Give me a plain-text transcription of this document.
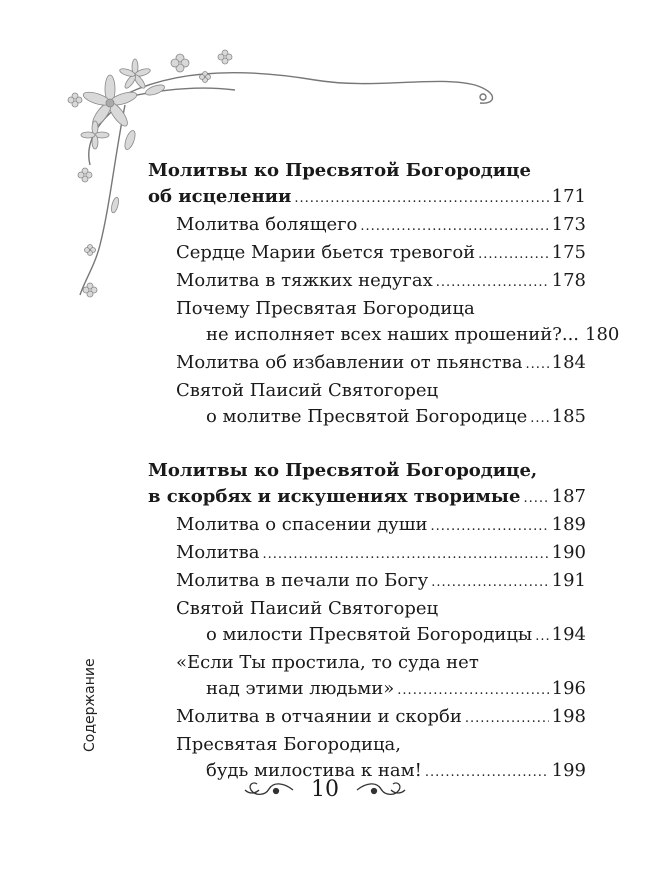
Молитвы ко Пресвятой Богородице
об исцелении .....	171
Молитва болящего .....	173
Сердце Марии бьется тревогой .....	175
Молитва в тяжких недугах .....	178
Почему Пресвятая Богородица
не исполняет всех наших прошений?... 180
Молитва об избавлении от пьянства ..... 184
Святой Паисий Святогорец
о молитве Пресвятой Богородице ..... 185
Молитвы ко Пресвятой Богородице,
в скорбях и искушениях творимые ..... 187
Молитва о спасении души .....	189
Молитва .....	190
Молитва в печали по Богу .....	191
Святой Паисий Святогорец
о милости Пресвятой Богородицы ..... 194
«Если Ты простила, то суда нет
над этими людьми» .....	196
Молитва в отчаянии и скорби .....	198
Пресвятая Богородица,
будь милостива к нам! .....	199
Содержание
10
